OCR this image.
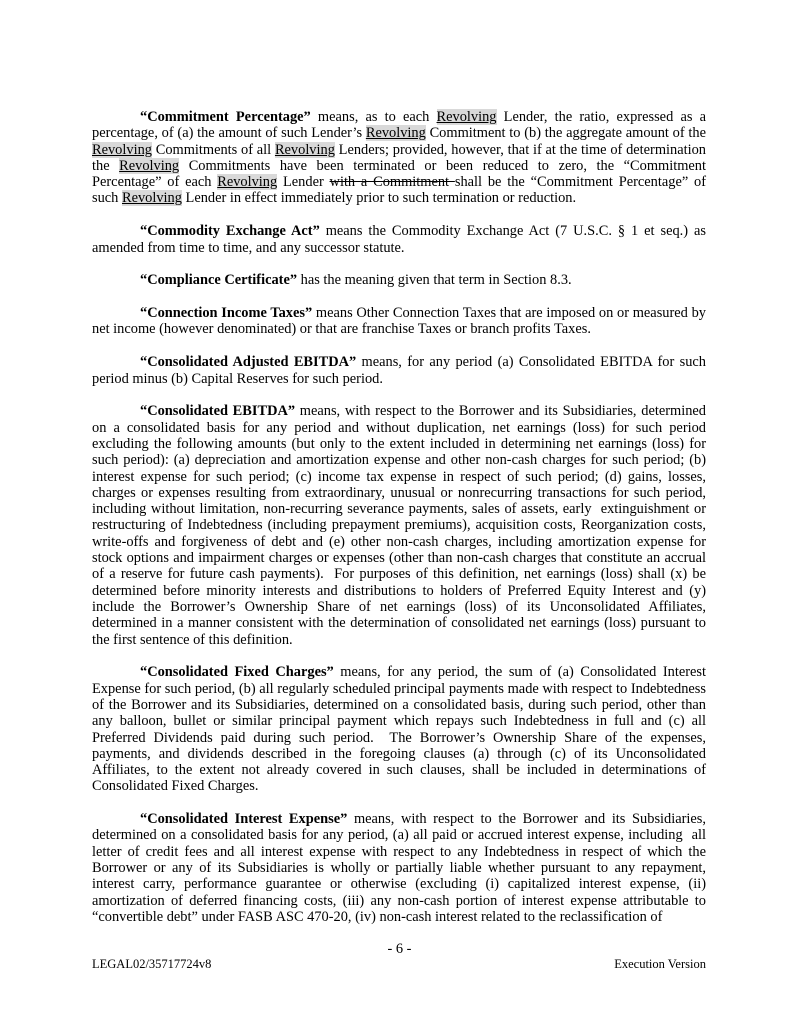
“Commitment Percentage” means, as to each Revolving Lender, the ratio, expressed as a percentage, of (a) the amount of such Lender’s Revolving Commitment to (b) the aggregate amount of the Revolving Commitments of all Revolving Lenders; provided, however, that if at the time of determination the Revolving Commitments have been terminated or been reduced to zero, the “Commitment Percentage” of each Revolving Lender with a Commitment shall be the “Commitment Percentage” of such Revolving Lender in effect immediately prior to such termination or reduction.

“Commodity Exchange Act” means the Commodity Exchange Act (7 U.S.C. § 1 et seq.) as amended from time to time, and any successor statute.

“Compliance Certificate” has the meaning given that term in Section 8.3.

“Connection Income Taxes” means Other Connection Taxes that are imposed on or measured by net income (however denominated) or that are franchise Taxes or branch profits Taxes.

“Consolidated Adjusted EBITDA” means, for any period (a) Consolidated EBITDA for such period minus (b) Capital Reserves for such period.

“Consolidated EBITDA” means, with respect to the Borrower and its Subsidiaries, determined on a consolidated basis for any period and without duplication, net earnings (loss) for such period excluding the following amounts (but only to the extent included in determining net earnings (loss) for such period): (a) depreciation and amortization expense and other non-cash charges for such period; (b) interest expense for such period; (c) income tax expense in respect of such period; (d) gains, losses, charges or expenses resulting from extraordinary, unusual or nonrecurring transactions for such period, including without limitation, non-recurring severance payments, sales of assets, early  extinguishment or restructuring of Indebtedness (including prepayment premiums), acquisition costs, Reorganization costs, write-offs and forgiveness of debt and (e) other non-cash charges, including amortization expense for stock options and impairment charges or expenses (other than non-cash charges that constitute an accrual of a reserve for future cash payments).  For purposes of this definition, net earnings (loss) shall (x) be determined before minority interests and distributions to holders of Preferred Equity Interest and (y) include the Borrower’s Ownership Share of net earnings (loss) of its Unconsolidated Affiliates, determined in a manner consistent with the determination of consolidated net earnings (loss) pursuant to the first sentence of this definition.

“Consolidated Fixed Charges” means, for any period, the sum of (a) Consolidated Interest Expense for such period, (b) all regularly scheduled principal payments made with respect to Indebtedness of the Borrower and its Subsidiaries, determined on a consolidated basis, during such period, other than any balloon, bullet or similar principal payment which repays such Indebtedness in full and (c) all Preferred Dividends paid during such period.  The Borrower’s Ownership Share of the expenses, payments, and dividends described in the foregoing clauses (a) through (c) of its Unconsolidated Affiliates, to the extent not already covered in such clauses, shall be included in determinations of Consolidated Fixed Charges.

“Consolidated Interest Expense” means, with respect to the Borrower and its Subsidiaries, determined on a consolidated basis for any period, (a) all paid or accrued interest expense, including  all letter of credit fees and all interest expense with respect to any Indebtedness in respect of which the Borrower or any of its Subsidiaries is wholly or partially liable whether pursuant to any repayment, interest carry, performance guarantee or otherwise (excluding (i) capitalized interest expense, (ii) amortization of deferred financing costs, (iii) any non-cash portion of interest expense attributable to “convertible debt” under FASB ASC 470-20, (iv) non-cash interest related to the reclassification of

- 6 -
LEGAL02/35717724v8	Execution Version
